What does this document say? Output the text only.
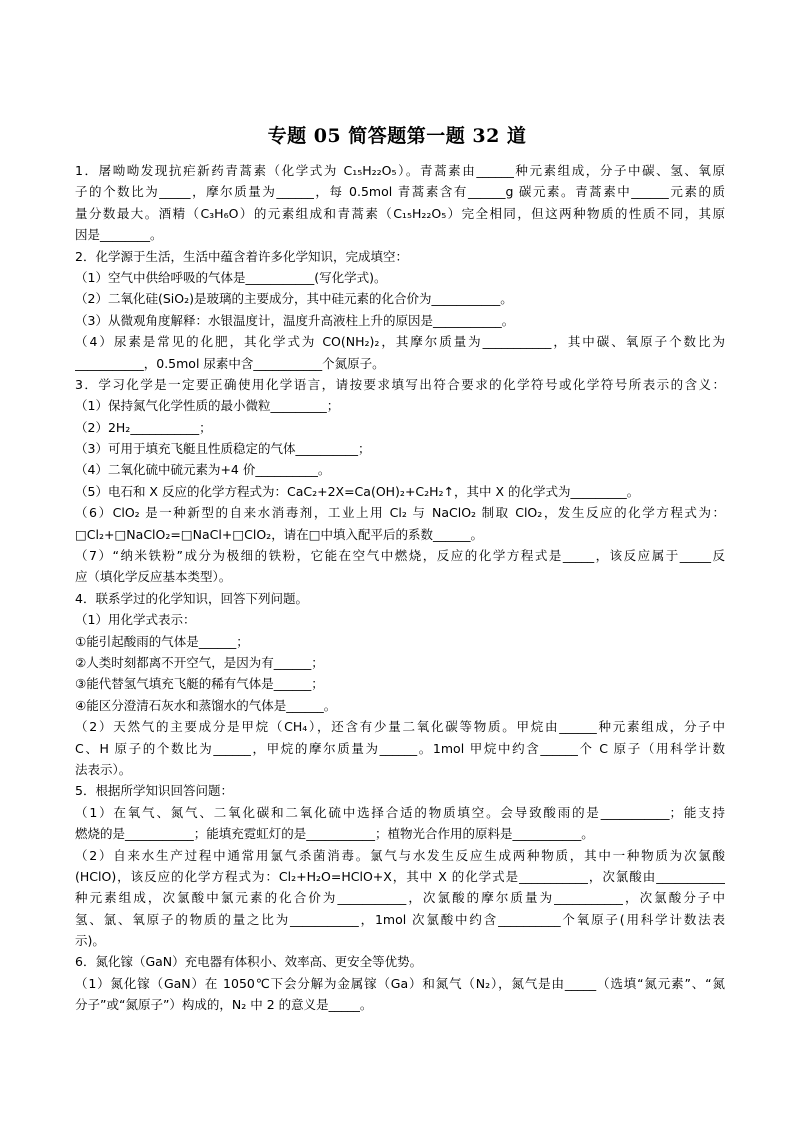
专题 05 简答题第一题 32 道
1．屠呦呦发现抗疟新药青蒿素（化学式为 C₁₅H₂₂O₅）。青蒿素由______种元素组成，分子中碳、氢、氧原
子的个数比为_____，摩尔质量为______，每 0.5mol 青蒿素含有______g 碳元素。青蒿素中______元素的质
量分数最大。酒精（C₃H₆O）的元素组成和青蒿素（C₁₅H₂₂O₅）完全相同，但这两种物质的性质不同，其原
因是________。
2．化学源于生活，生活中蕴含着许多化学知识，完成填空：
（1）空气中供给呼吸的气体是___________(写化学式)。
（2）二氧化硅(SiO₂)是玻璃的主要成分，其中硅元素的化合价为___________。
（3）从微观角度解释：水银温度计，温度升高液柱上升的原因是___________。
（4）尿素是常见的化肥，其化学式为 CO(NH₂)₂，其摩尔质量为___________，其中碳、氧原子个数比为
___________，0.5mol 尿素中含___________个氮原子。
3．学习化学是一定要正确使用化学语言，请按要求填写出符合要求的化学符号或化学符号所表示的含义：
（1）保持氮气化学性质的最小微粒_________；
（2）2H₂___________；
（3）可用于填充飞艇且性质稳定的气体__________；
（4）二氧化硫中硫元素为+4 价__________。
（5）电石和 X 反应的化学方程式为：CaC₂+2X=Ca(OH)₂+C₂H₂↑，其中 X 的化学式为_________。
（6）ClO₂ 是一种新型的自来水消毒剂，工业上用 Cl₂ 与 NaClO₂ 制取 ClO₂，发生反应的化学方程式为：
□Cl₂+□NaClO₂=□NaCl+□ClO₂，请在□中填入配平后的系数______。
（7）“纳米铁粉”成分为极细的铁粉，它能在空气中燃烧，反应的化学方程式是_____，该反应属于_____反
应（填化学反应基本类型）。
4．联系学过的化学知识，回答下列问题。
（1）用化学式表示：
①能引起酸雨的气体是______；
②人类时刻都离不开空气，是因为有______；
③能代替氢气填充飞艇的稀有气体是______；
④能区分澄清石灰水和蒸馏水的气体是______。
（2）天然气的主要成分是甲烷（CH₄），还含有少量二氧化碳等物质。甲烷由______种元素组成，分子中
C、H 原子的个数比为______，甲烷的摩尔质量为______。1mol 甲烷中约含______个 C 原子（用科学计数
法表示）。
5．根据所学知识回答问题：
（1）在氧气、氮气、二氧化碳和二氧化硫中选择合适的物质填空。会导致酸雨的是___________；能支持
燃烧的是___________；能填充霓虹灯的是___________；植物光合作用的原料是___________。
（2）自来水生产过程中通常用氯气杀菌消毒。氯气与水发生反应生成两种物质，其中一种物质为次氯酸
(HClO)，该反应的化学方程式为：Cl₂+H₂O=HClO+X，其中 X 的化学式是___________，次氯酸由___________
种元素组成，次氯酸中氯元素的化合价为___________，次氯酸的摩尔质量为___________，次氯酸分子中
氢、氯、氧原子的物质的量之比为___________，1mol 次氯酸中约含__________个氧原子(用科学计数法表
示)。
6．氮化镓（GaN）充电器有体积小、效率高、更安全等优势。
（1）氮化镓（GaN）在 1050℃下会分解为金属镓（Ga）和氮气（N₂），氮气是由_____（选填“氮元素”、“氮
分子”或“氮原子”）构成的，N₂ 中 2 的意义是_____。
